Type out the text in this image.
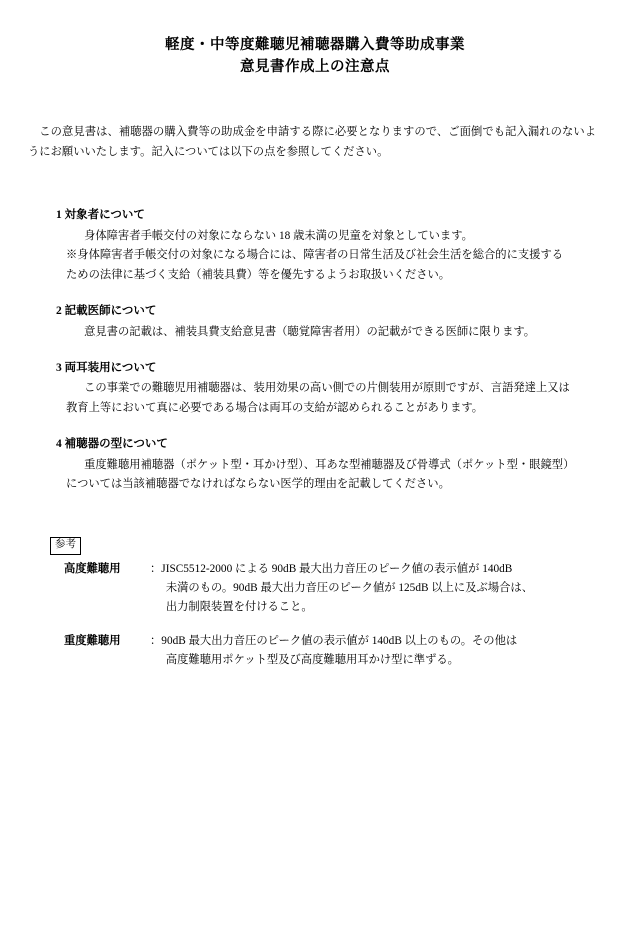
軽度・中等度難聴児補聴器購入費等助成事業
意見書作成上の注意点

この意見書は、補聴器の購入費等の助成金を申請する際に必要となりますので、ご面倒でも記入漏れのないようにお願いいたします。記入については以下の点を参照してください。

1 対象者について

身体障害者手帳交付の対象にならない 18 歳未満の児童を対象としています。

※身体障害者手帳交付の対象になる場合には、障害者の日常生活及び社会生活を総合的に支援する

ための法律に基づく支給（補装具費）等を優先するようお取扱いください。

2 記載医師について

意見書の記載は、補装具費支給意見書（聴覚障害者用）の記載ができる医師に限ります。

3 両耳装用について

この事業での難聴児用補聴器は、装用効果の高い側での片側装用が原則ですが、言語発達上又は

教育上等において真に必要である場合は両耳の支給が認められることがあります。

4 補聴器の型について

重度難聴用補聴器（ポケット型・耳かけ型）、耳あな型補聴器及び骨導式（ポケット型・眼鏡型）

については当該補聴器でなければならない医学的理由を記載してください。

参考
高度難聴用	：JISC5512-2000 による 90dB 最大出力音圧のピーク値の表示値が 140dB

未満のもの。90dB 最大出力音圧のピーク値が 125dB 以上に及ぶ場合は、

出力制限装置を付けること。

重度難聴用	：90dB 最大出力音圧のピーク値の表示値が 140dB 以上のもの。その他は

高度難聴用ポケット型及び高度難聴用耳かけ型に準ずる。
